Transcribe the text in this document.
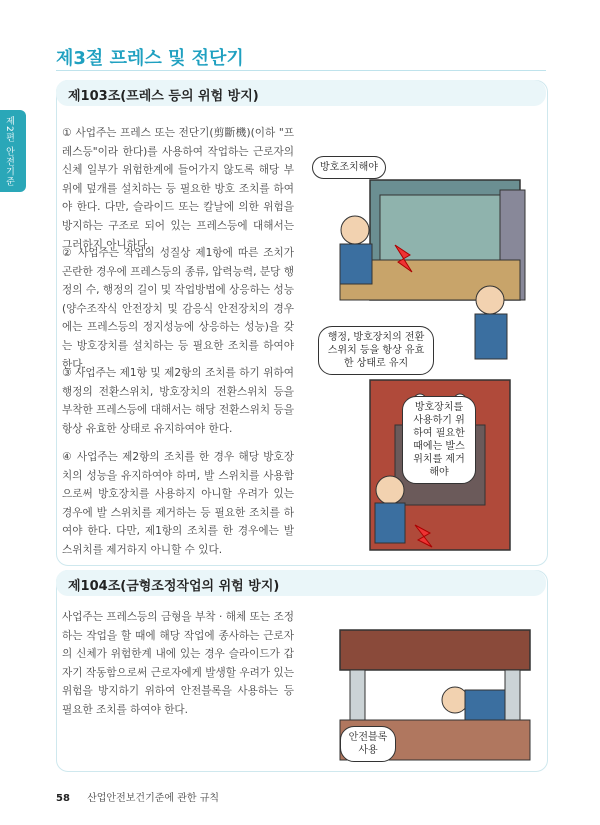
제2편 안전기준
제3절 프레스 및 전단기
제103조(프레스 등의 위험 방지)
① 사업주는 프레스 또는 전단기(剪斷機)(이하 "프레스등"이라 한다)를 사용하여 작업하는 근로자의 신체 일부가 위험한계에 들어가지 않도록 해당 부위에 덮개를 설치하는 등 필요한 방호 조치를 하여야 한다. 다만, 슬라이드 또는 칼날에 의한 위험을 방지하는 구조로 되어 있는 프레스등에 대해서는 그러하지 아니하다.
② 사업주는 작업의 성질상 제1항에 따른 조치가 곤란한 경우에 프레스등의 종류, 압력능력, 분당 행정의 수, 행정의 길이 및 작업방법에 상응하는 성능(양수조작식 안전장치 및 감응식 안전장치의 경우에는 프레스등의 정지성능에 상응하는 성능)을 갖는 방호장치를 설치하는 등 필요한 조치를 하여야 한다.
③ 사업주는 제1항 및 제2항의 조치를 하기 위하여 행정의 전환스위치, 방호장치의 전환스위치 등을 부착한 프레스등에 대해서는 해당 전환스위치 등을 항상 유효한 상태로 유지하여야 한다.
④ 사업주는 제2항의 조치를 한 경우 해당 방호장치의 성능을 유지하여야 하며, 발 스위치를 사용함으로써 방호장치를 사용하지 아니할 우려가 있는 경우에 발 스위치를 제거하는 등 필요한 조치를 하여야 한다. 다만, 제1항의 조치를 한 경우에는 발 스위치를 제거하지 아니할 수 있다.
방호조치해야
행정, 방호장치의 전환스위치 등을 항상 유효한 상태로 유지
방호장치를 사용하기 위하여 필요한 때에는 발스위치를 제거해야
제104조(금형조정작업의 위험 방지)
사업주는 프레스등의 금형을 부착 · 해체 또는 조정하는 작업을 할 때에 해당 작업에 종사하는 근로자의 신체가 위험한계 내에 있는 경우 슬라이드가 갑자기 작동함으로써 근로자에게 발생할 우려가 있는 위험을 방지하기 위하여 안전블록을 사용하는 등 필요한 조치를 하여야 한다.
안전블록 사용
58 산업안전보건기준에 관한 규칙
